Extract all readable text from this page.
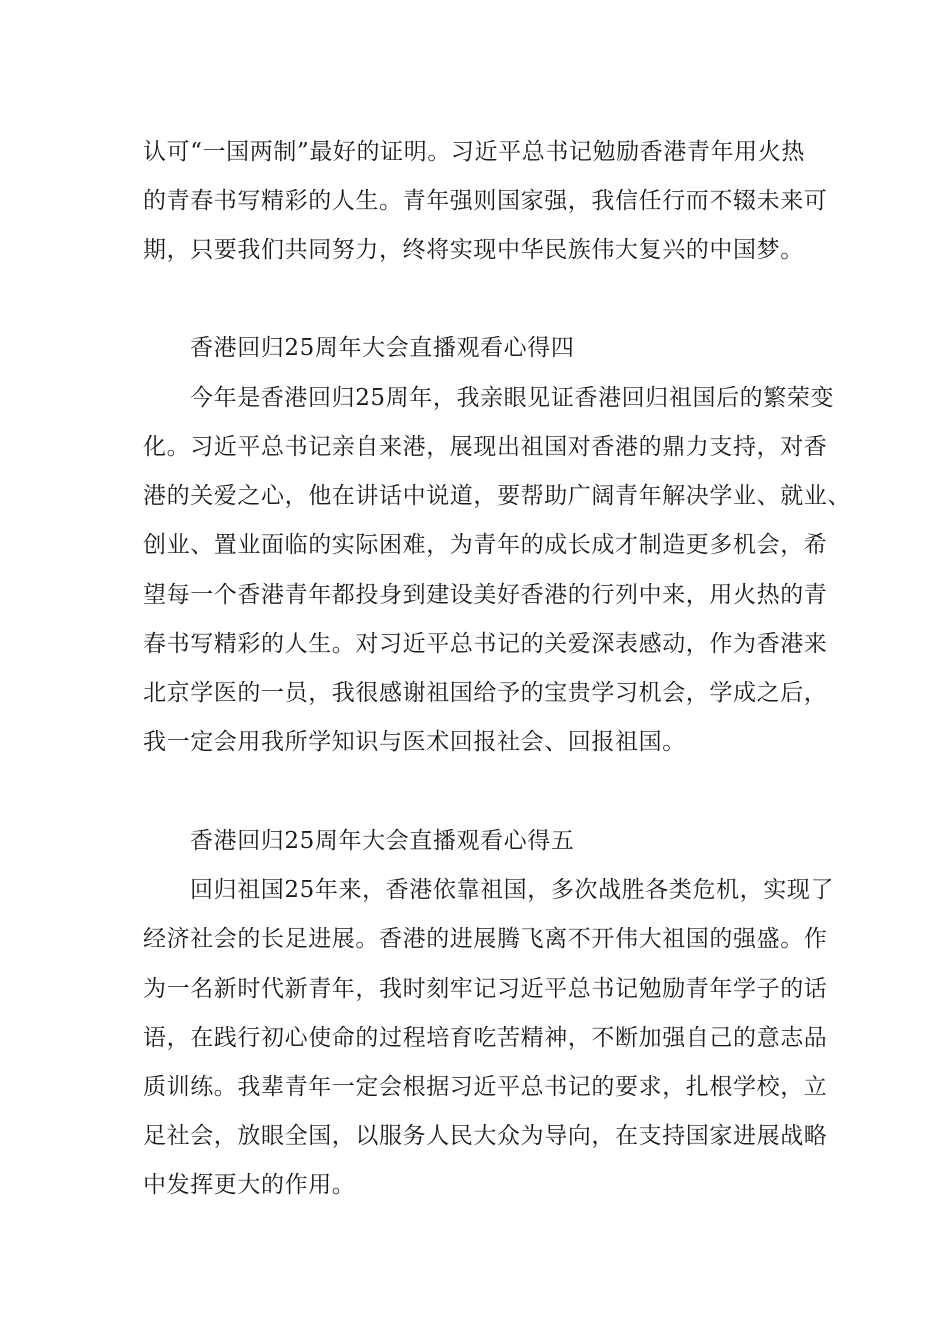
认可“一国两制”最好的证明。习近平总书记勉励香港青年用火热
的青春书写精彩的人生。青年强则国家强，我信任行而不辍未来可
期，只要我们共同努力，终将实现中华民族伟大复兴的中国梦。
香港回归25周年大会直播观看心得四
今年是香港回归25周年，我亲眼见证香港回归祖国后的繁荣变
化。习近平总书记亲自来港，展现出祖国对香港的鼎力支持，对香
港的关爱之心，他在讲话中说道，要帮助广阔青年解决学业、就业、
创业、置业面临的实际困难，为青年的成长成才制造更多机会，希
望每一个香港青年都投身到建设美好香港的行列中来，用火热的青
春书写精彩的人生。对习近平总书记的关爱深表感动，作为香港来
北京学医的一员，我很感谢祖国给予的宝贵学习机会，学成之后，
我一定会用我所学知识与医术回报社会、回报祖国。
香港回归25周年大会直播观看心得五
回归祖国25年来，香港依靠祖国，多次战胜各类危机，实现了
经济社会的长足进展。香港的进展腾飞离不开伟大祖国的强盛。作
为一名新时代新青年，我时刻牢记习近平总书记勉励青年学子的话
语，在践行初心使命的过程培育吃苦精神，不断加强自己的意志品
质训练。我辈青年一定会根据习近平总书记的要求，扎根学校，立
足社会，放眼全国，以服务人民大众为导向，在支持国家进展战略
中发挥更大的作用。
